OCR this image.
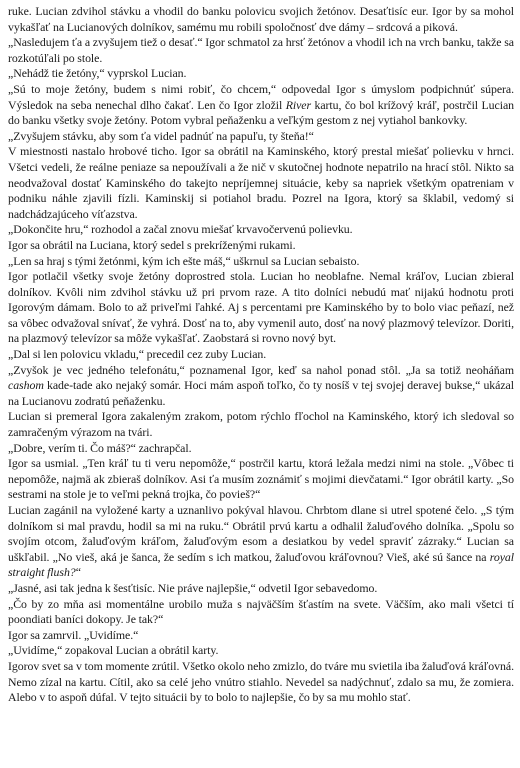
ruke. Lucian zdvihol stávku a vhodil do banku polovicu svojich žetónov. Desaťtisíc eur. Igor by sa mohol vykašľať na Lucianových dolníkov, samému mu robili spoločnosť dve dámy – srdcová a piková.

„Nasledujem ťa a zvyšujem tiež o desať.“ Igor schmatol za hrsť žetónov a vhodil ich na vrch banku, takže sa rozkotúľali po stole.

„Nehádž tie žetóny,“ vyprskol Lucian.

„Sú to moje žetóny, budem s nimi robiť, čo chcem,“ odpovedal Igor s úmyslom podpichnúť súpera. Výsledok na seba nenechal dlho čakať. Len čo Igor zložil River kartu, čo bol krížový kráľ, postrčil Lucian do banku všetky svoje žetóny. Potom vybral peňaženku a veľkým gestom z nej vytiahol bankovky.

„Zvyšujem stávku, aby som ťa videl padnúť na papuľu, ty šteňa!“

V miestnosti nastalo hrobové ticho. Igor sa obrátil na Kaminského, ktorý prestal miešať polievku v hrnci. Všetci vedeli, že reálne peniaze sa nepoužívali a že nič v skutočnej hodnote nepatrilo na hrací stôl. Nikto sa neodvažoval dostať Kaminského do takejto nepríjemnej situácie, keby sa napriek všetkým opatreniam v podniku náhle zjavili fízli. Kaminskij si potiahol bradu. Pozrel na Igora, ktorý sa šklabil, vedomý si nadchádzajúceho víťazstva.

„Dokončite hru,“ rozhodol a začal znovu miešať krvavočervenú polievku.

Igor sa obrátil na Luciana, ktorý sedel s prekríženými rukami.

„Len sa hraj s tými žetónmi, kým ich ešte máš,“ uškrnul sa Lucian sebaisto.

Igor potlačil všetky svoje žetóny doprostred stola. Lucian ho neoblafne. Nemal kráľov, Lucian zbieral dolníkov. Kvôli nim zdvihol stávku už pri prvom raze. A tito dolníci nebudú mať nijakú hodnotu proti Igorovým dámam. Bolo to až priveľmi ľahké. Aj s percentami pre Kaminského by to bolo viac peňazí, než sa vôbec odvažoval snívať, že vyhrá. Dosť na to, aby vymenil auto, dosť na nový plazmový televízor. Doriti, na plazmový televízor sa môže vykašľať. Zaobstará si rovno nový byt.

„Dal si len polovicu vkladu,“ precedil cez zuby Lucian.

„Zvyšok je vec jedného telefonátu,“ poznamenal Igor, keď sa nahol ponad stôl. „Ja sa totiž neoháňam cashom kade-tade ako nejaký somár. Hoci mám aspoň toľko, čo ty nosíš v tej svojej deravej bukse,“ ukázal na Lucianovu zodratú peňaženku.

Lucian si premeral Igora zakaleným zrakom, potom rýchlo fľochol na Kaminského, ktorý ich sledoval so zamračeným výrazom na tvári.

„Dobre, verím ti. Čo máš?“ zachrapčal.

Igor sa usmial. „Ten kráľ tu ti veru nepomôže,“ postrčil kartu, ktorá ležala medzi nimi na stole. „Vôbec ti nepomôže, najmä ak zbieraš dolníkov. Asi ťa musím zoznámiť s mojimi dievčatami.“ Igor obrátil karty. „So sestrami na stole je to veľmi pekná trojka, čo povieš?“

Lucian zagánil na vyložené karty a uznanlivo pokýval hlavou. Chrbtom dlane si utrel spotené čelo. „S tým dolníkom si mal pravdu, hodil sa mi na ruku.“ Obrátil prvú kartu a odhalil žaluďového dolníka. „Spolu so svojím otcom, žaluďovým kráľom, žaluďovým esom a desiatkou by vedel spraviť zázraky.“ Lucian sa uškľabil. „No vieš, aká je šanca, že sedím s ich matkou, žaluďovou kráľovnou? Vieš, aké sú šance na royal straight flush?“

„Jasné, asi tak jedna k šesťtisíc. Nie práve najlepšie,“ odvetil Igor sebavedomo.

„Čo by zo mňa asi momentálne urobilo muža s najväčším šťastím na svete. Väčším, ako mali všetci tí poondiati baníci dokopy. Je tak?“

Igor sa zamrvil. „Uvidíme.“

„Uvidíme,“ zopakoval Lucian a obrátil karty.

Igorov svet sa v tom momente zrútil. Všetko okolo neho zmizlo, do tváre mu svietila iba žaluďová kráľovná. Nemo zízal na kartu. Cítil, ako sa celé jeho vnútro stiahlo. Nevedel sa nadýchnuť, zdalo sa mu, že zomiera. Alebo v to aspoň dúfal. V tejto situácii by to bolo to najlepšie, čo by sa mu mohlo stať.
